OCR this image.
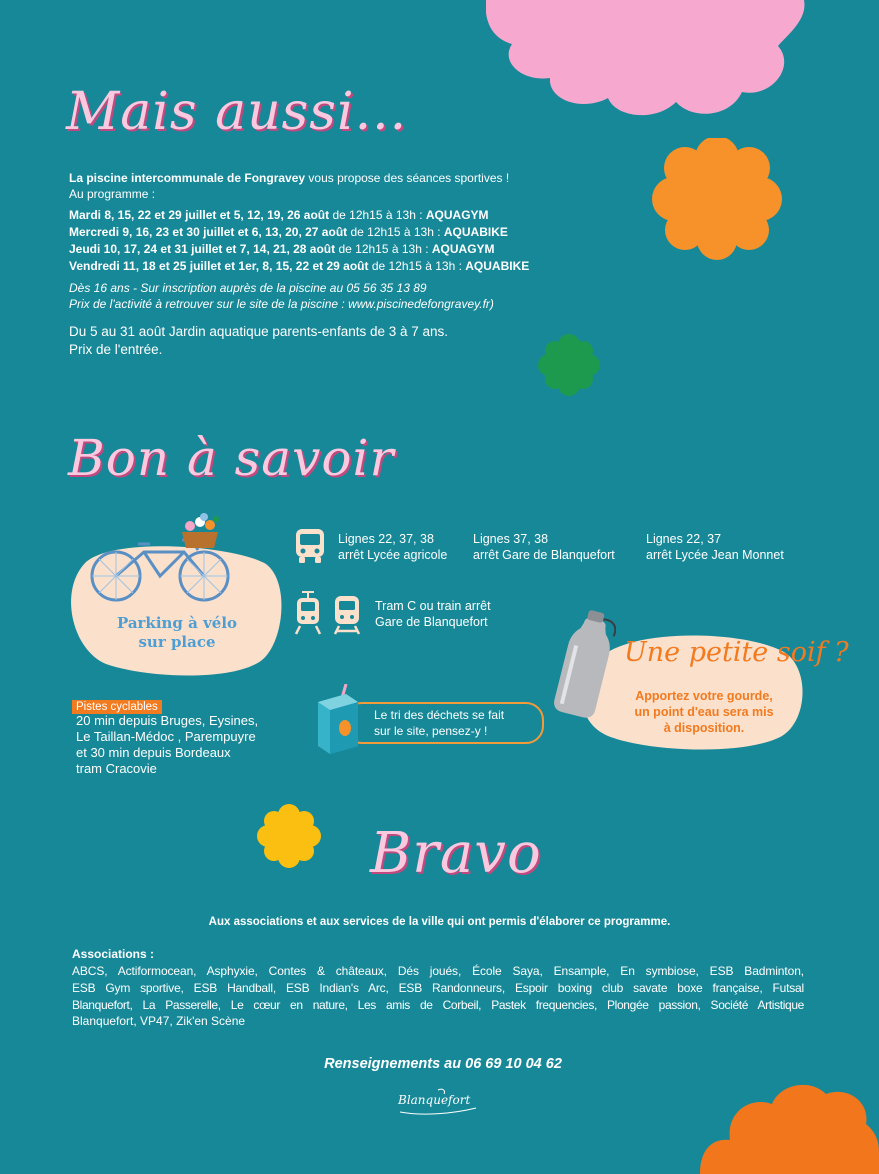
Mais aussi...
La piscine intercommunale de Fongravey vous propose des séances sportives !
Au programme :
Mardi 8, 15, 22 et 29 juillet et 5, 12, 19, 26 août de 12h15 à 13h : AQUAGYM
Mercredi 9, 16, 23 et 30 juillet et 6, 13, 20, 27 août de 12h15 à 13h : AQUABIKE
Jeudi 10, 17, 24 et 31 juillet et 7, 14, 21, 28 août de 12h15 à 13h : AQUAGYM
Vendredi 11, 18 et 25 juillet et 1er, 8, 15, 22 et 29 août de 12h15 à 13h : AQUABIKE
Dès 16 ans - Sur inscription auprès de la piscine au 05 56 35 13 89
Prix de l'activité à retrouver sur le site de la piscine : www.piscinedefongravey.fr)
Du 5 au 31 août Jardin aquatique parents-enfants de 3 à 7 ans.
Prix de l'entrée.
Bon à savoir
Parking à vélo
sur place
Lignes 22, 37, 38
arrêt Lycée agricole
Lignes 37, 38
arrêt Gare de Blanquefort
Lignes 22, 37
arrêt Lycée Jean Monnet
Tram C ou train arrêt
Gare de Blanquefort
Une petite soif ?
Apportez votre gourde,
un point d'eau sera mis
à disposition.
Pistes cyclables
20 min depuis Bruges, Eysines,
Le Taillan-Médoc , Parempuyre
et 30 min depuis Bordeaux
tram Cracovie
Le tri des déchets se fait
sur le site, pensez-y !
Bravo
Aux associations et aux services de la ville qui ont permis d'élaborer ce programme.
Associations :
ABCS, Actiformocean, Asphyxie, Contes & châteaux, Dés joués, École Saya, Ensample, En symbiose, ESB Badminton,
ESB Gym sportive, ESB Handball, ESB Indian's Arc, ESB Randonneurs, Espoir boxing club savate boxe française, Futsal
Blanquefort, La Passerelle, Le cœur en nature, Les amis de Corbeil, Pastek frequencies, Plongée passion, Société Artistique
Blanquefort, VP47, Zik'en Scène
Renseignements au 06 69 10 04 62
Blanquefort
